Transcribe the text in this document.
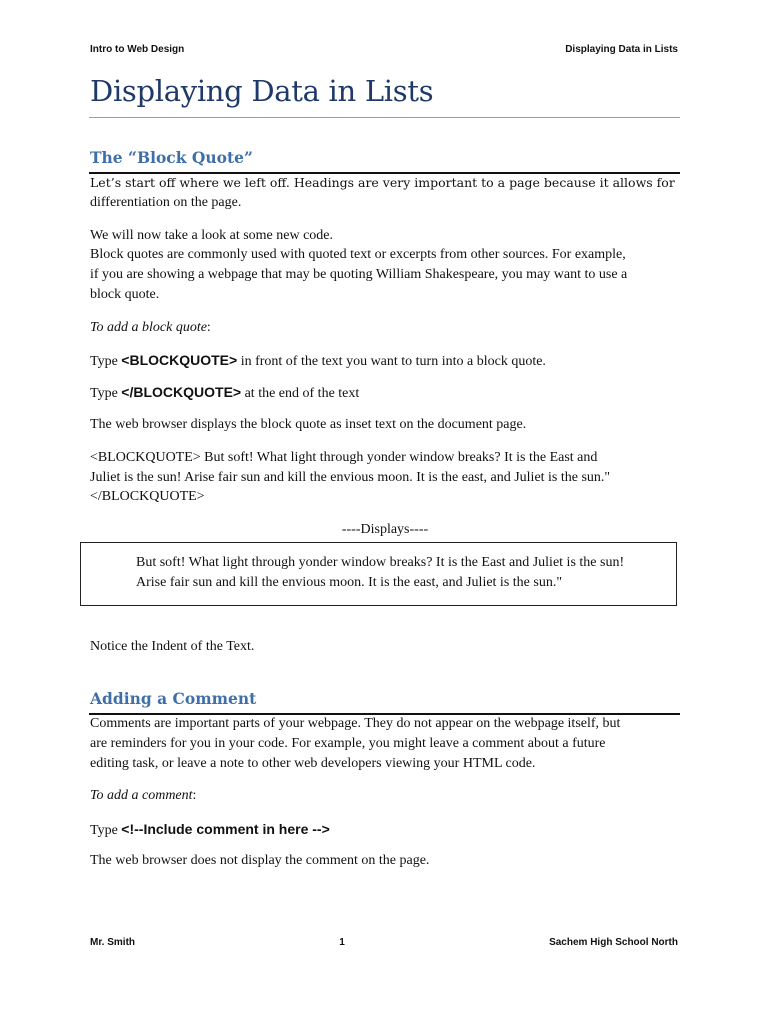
Intro to Web Design	Displaying Data in Lists
Displaying Data in Lists
The “Block Quote”

Let’s start off where we left off. Headings are very important to a page because it allows for

differentiation on the page.

We will now take a look at some new code.

Block quotes are commonly used with quoted text or excerpts from other sources. For example,

if you are showing a webpage that may be quoting William Shakespeare, you may want to use a

block quote.

To add a block quote:

Type <BLOCKQUOTE> in front of the text you want to turn into a block quote.

Type </BLOCKQUOTE> at the end of the text

The web browser displays the block quote as inset text on the document page.

<BLOCKQUOTE> But soft! What light through yonder window breaks? It is the East and

Juliet is the sun! Arise fair sun and kill the envious moon. It is the east, and Juliet is the sun."

</BLOCKQUOTE>

----Displays----

But soft! What light through yonder window breaks? It is the East and Juliet is the sun!

Arise fair sun and kill the envious moon. It is the east, and Juliet is the sun."

Notice the Indent of the Text.

Adding a Comment

Comments are important parts of your webpage. They do not appear on the webpage itself, but

are reminders for you in your code. For example, you might leave a comment about a future

editing task, or leave a note to other web developers viewing your HTML code.

To add a comment:

Type <!--Include comment in here -->

The web browser does not display the comment on the page.

Mr. Smith	1	Sachem High School North
